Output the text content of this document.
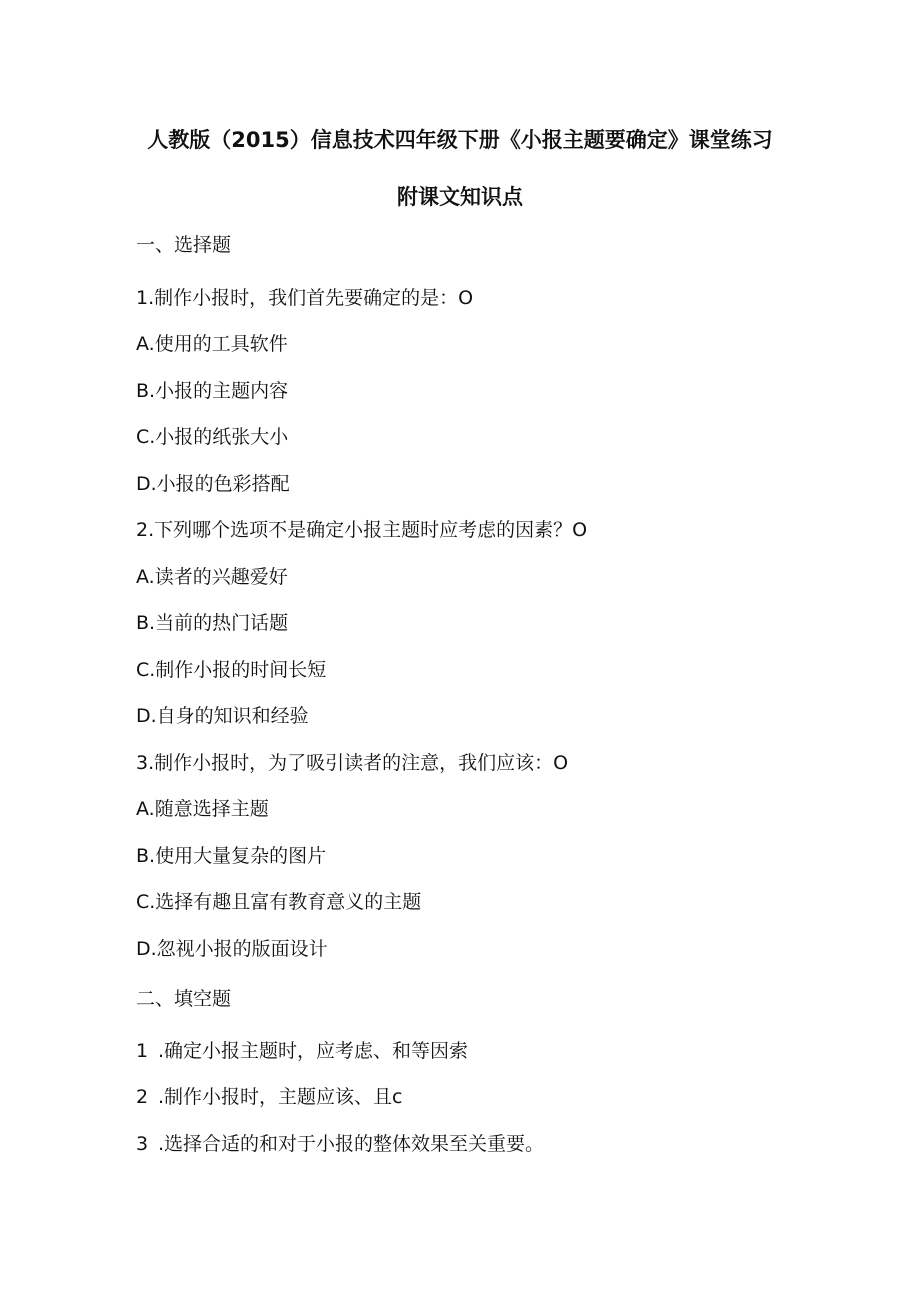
人教版（2015）信息技术四年级下册《小报主题要确定》课堂练习
附课文知识点
一、选择题
1.制作小报时，我们首先要确定的是：O
A.使用的工具软件
B.小报的主题内容
C.小报的纸张大小
D.小报的色彩搭配
2.下列哪个选项不是确定小报主题时应考虑的因素？O
A.读者的兴趣爱好
B.当前的热门话题
C.制作小报的时间长短
D.自身的知识和经验
3.制作小报时，为了吸引读者的注意，我们应该：O
A.随意选择主题
B.使用大量复杂的图片
C.选择有趣且富有教育意义的主题
D.忽视小报的版面设计
二、填空题
1 .确定小报主题时，应考虑、和等因索
2 .制作小报时，主题应该、且c
3 .选择合适的和对于小报的整体效果至关重要。
